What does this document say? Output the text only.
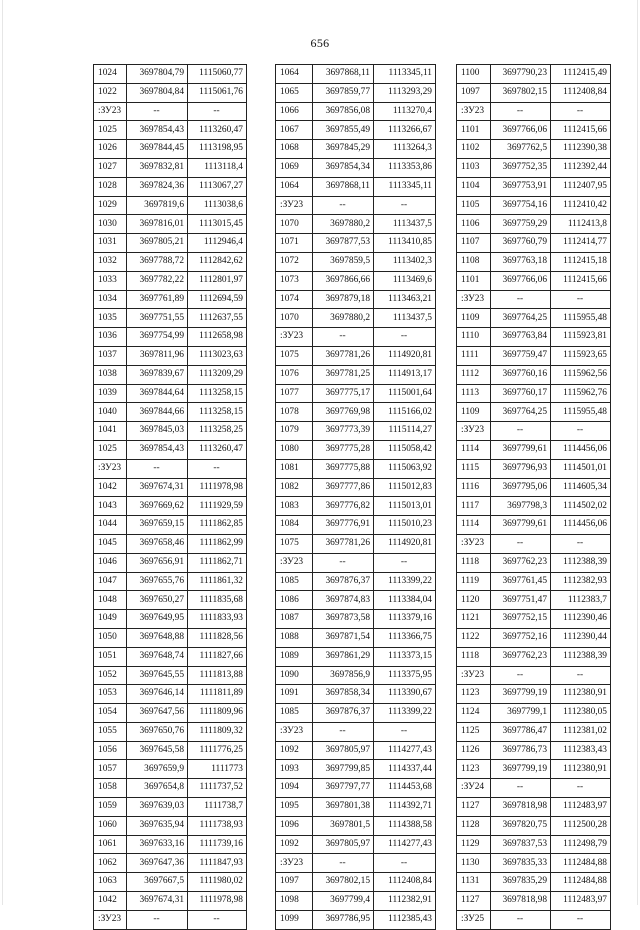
656
1024	3697804,79	1115060,77
1022	3697804,84	1115061,76
:ЗУ23	--	--
1025	3697854,43	1113260,47
1026	3697844,45	1113198,95
1027	3697832,81	1113118,4
1028	3697824,36	1113067,27
1029	3697819,6	1113038,6
1030	3697816,01	1113015,45
1031	3697805,21	1112946,4
1032	3697788,72	1112842,62
1033	3697782,22	1112801,97
1034	3697761,89	1112694,59
1035	3697751,55	1112637,55
1036	3697754,99	1112658,98
1037	3697811,96	1113023,63
1038	3697839,67	1113209,29
1039	3697844,64	1113258,15
1040	3697844,66	1113258,15
1041	3697845,03	1113258,25
1025	3697854,43	1113260,47
:ЗУ23	--	--
1042	3697674,31	1111978,98
1043	3697669,62	1111929,59
1044	3697659,15	1111862,85
1045	3697658,46	1111862,99
1046	3697656,91	1111862,71
1047	3697655,76	1111861,32
1048	3697650,27	1111835,68
1049	3697649,95	1111833,93
1050	3697648,88	1111828,56
1051	3697648,74	1111827,66
1052	3697645,55	1111813,88
1053	3697646,14	1111811,89
1054	3697647,56	1111809,96
1055	3697650,76	1111809,32
1056	3697645,58	1111776,25
1057	3697659,9	1111773
1058	3697654,8	1111737,52
1059	3697639,03	1111738,7
1060	3697635,94	1111738,93
1061	3697633,16	1111739,16
1062	3697647,36	1111847,93
1063	3697667,5	1111980,02
1042	3697674,31	1111978,98
:ЗУ23	--	--
1064	3697868,11	1113345,11
1065	3697859,77	1113293,29
1066	3697856,08	1113270,4
1067	3697855,49	1113266,67
1068	3697845,29	1113264,3
1069	3697854,34	1113353,86
1064	3697868,11	1113345,11
:ЗУ23	--	--
1070	3697880,2	1113437,5
1071	3697877,53	1113410,85
1072	3697859,5	1113402,3
1073	3697866,66	1113469,6
1074	3697879,18	1113463,21
1070	3697880,2	1113437,5
:ЗУ23	--	--
1075	3697781,26	1114920,81
1076	3697781,25	1114913,17
1077	3697775,17	1115001,64
1078	3697769,98	1115166,02
1079	3697773,39	1115114,27
1080	3697775,28	1115058,42
1081	3697775,88	1115063,92
1082	3697777,86	1115012,83
1083	3697776,82	1115013,01
1084	3697776,91	1115010,23
1075	3697781,26	1114920,81
:ЗУ23	--	--
1085	3697876,37	1113399,22
1086	3697874,83	1113384,04
1087	3697873,58	1113379,16
1088	3697871,54	1113366,75
1089	3697861,29	1113373,15
1090	3697856,9	1113375,95
1091	3697858,34	1113390,67
1085	3697876,37	1113399,22
:ЗУ23	--	--
1092	3697805,97	1114277,43
1093	3697799,85	1114337,44
1094	3697797,77	1114453,68
1095	3697801,38	1114392,71
1096	3697801,5	1114388,58
1092	3697805,97	1114277,43
:ЗУ23	--	--
1097	3697802,15	1112408,84
1098	3697799,4	1112382,91
1099	3697786,95	1112385,43
1100	3697790,23	1112415,49
1097	3697802,15	1112408,84
:ЗУ23	--	--
1101	3697766,06	1112415,66
1102	3697762,5	1112390,38
1103	3697752,35	1112392,44
1104	3697753,91	1112407,95
1105	3697754,16	1112410,42
1106	3697759,29	1112413,8
1107	3697760,79	1112414,77
1108	3697763,18	1112415,18
1101	3697766,06	1112415,66
:ЗУ23	--	--
1109	3697764,25	1115955,48
1110	3697763,84	1115923,81
1111	3697759,47	1115923,65
1112	3697760,16	1115962,56
1113	3697760,17	1115962,76
1109	3697764,25	1115955,48
:ЗУ23	--	--
1114	3697799,61	1114456,06
1115	3697796,93	1114501,01
1116	3697795,06	1114605,34
1117	3697798,3	1114502,02
1114	3697799,61	1114456,06
:ЗУ23	--	--
1118	3697762,23	1112388,39
1119	3697761,45	1112382,93
1120	3697751,47	1112383,7
1121	3697752,15	1112390,46
1122	3697752,16	1112390,44
1118	3697762,23	1112388,39
:ЗУ23	--	--
1123	3697799,19	1112380,91
1124	3697799,1	1112380,05
1125	3697786,47	1112381,02
1126	3697786,73	1112383,43
1123	3697799,19	1112380,91
:ЗУ24	--	--
1127	3697818,98	1112483,97
1128	3697820,75	1112500,28
1129	3697837,53	1112498,79
1130	3697835,33	1112484,88
1131	3697835,29	1112484,88
1127	3697818,98	1112483,97
:ЗУ25	--	--
